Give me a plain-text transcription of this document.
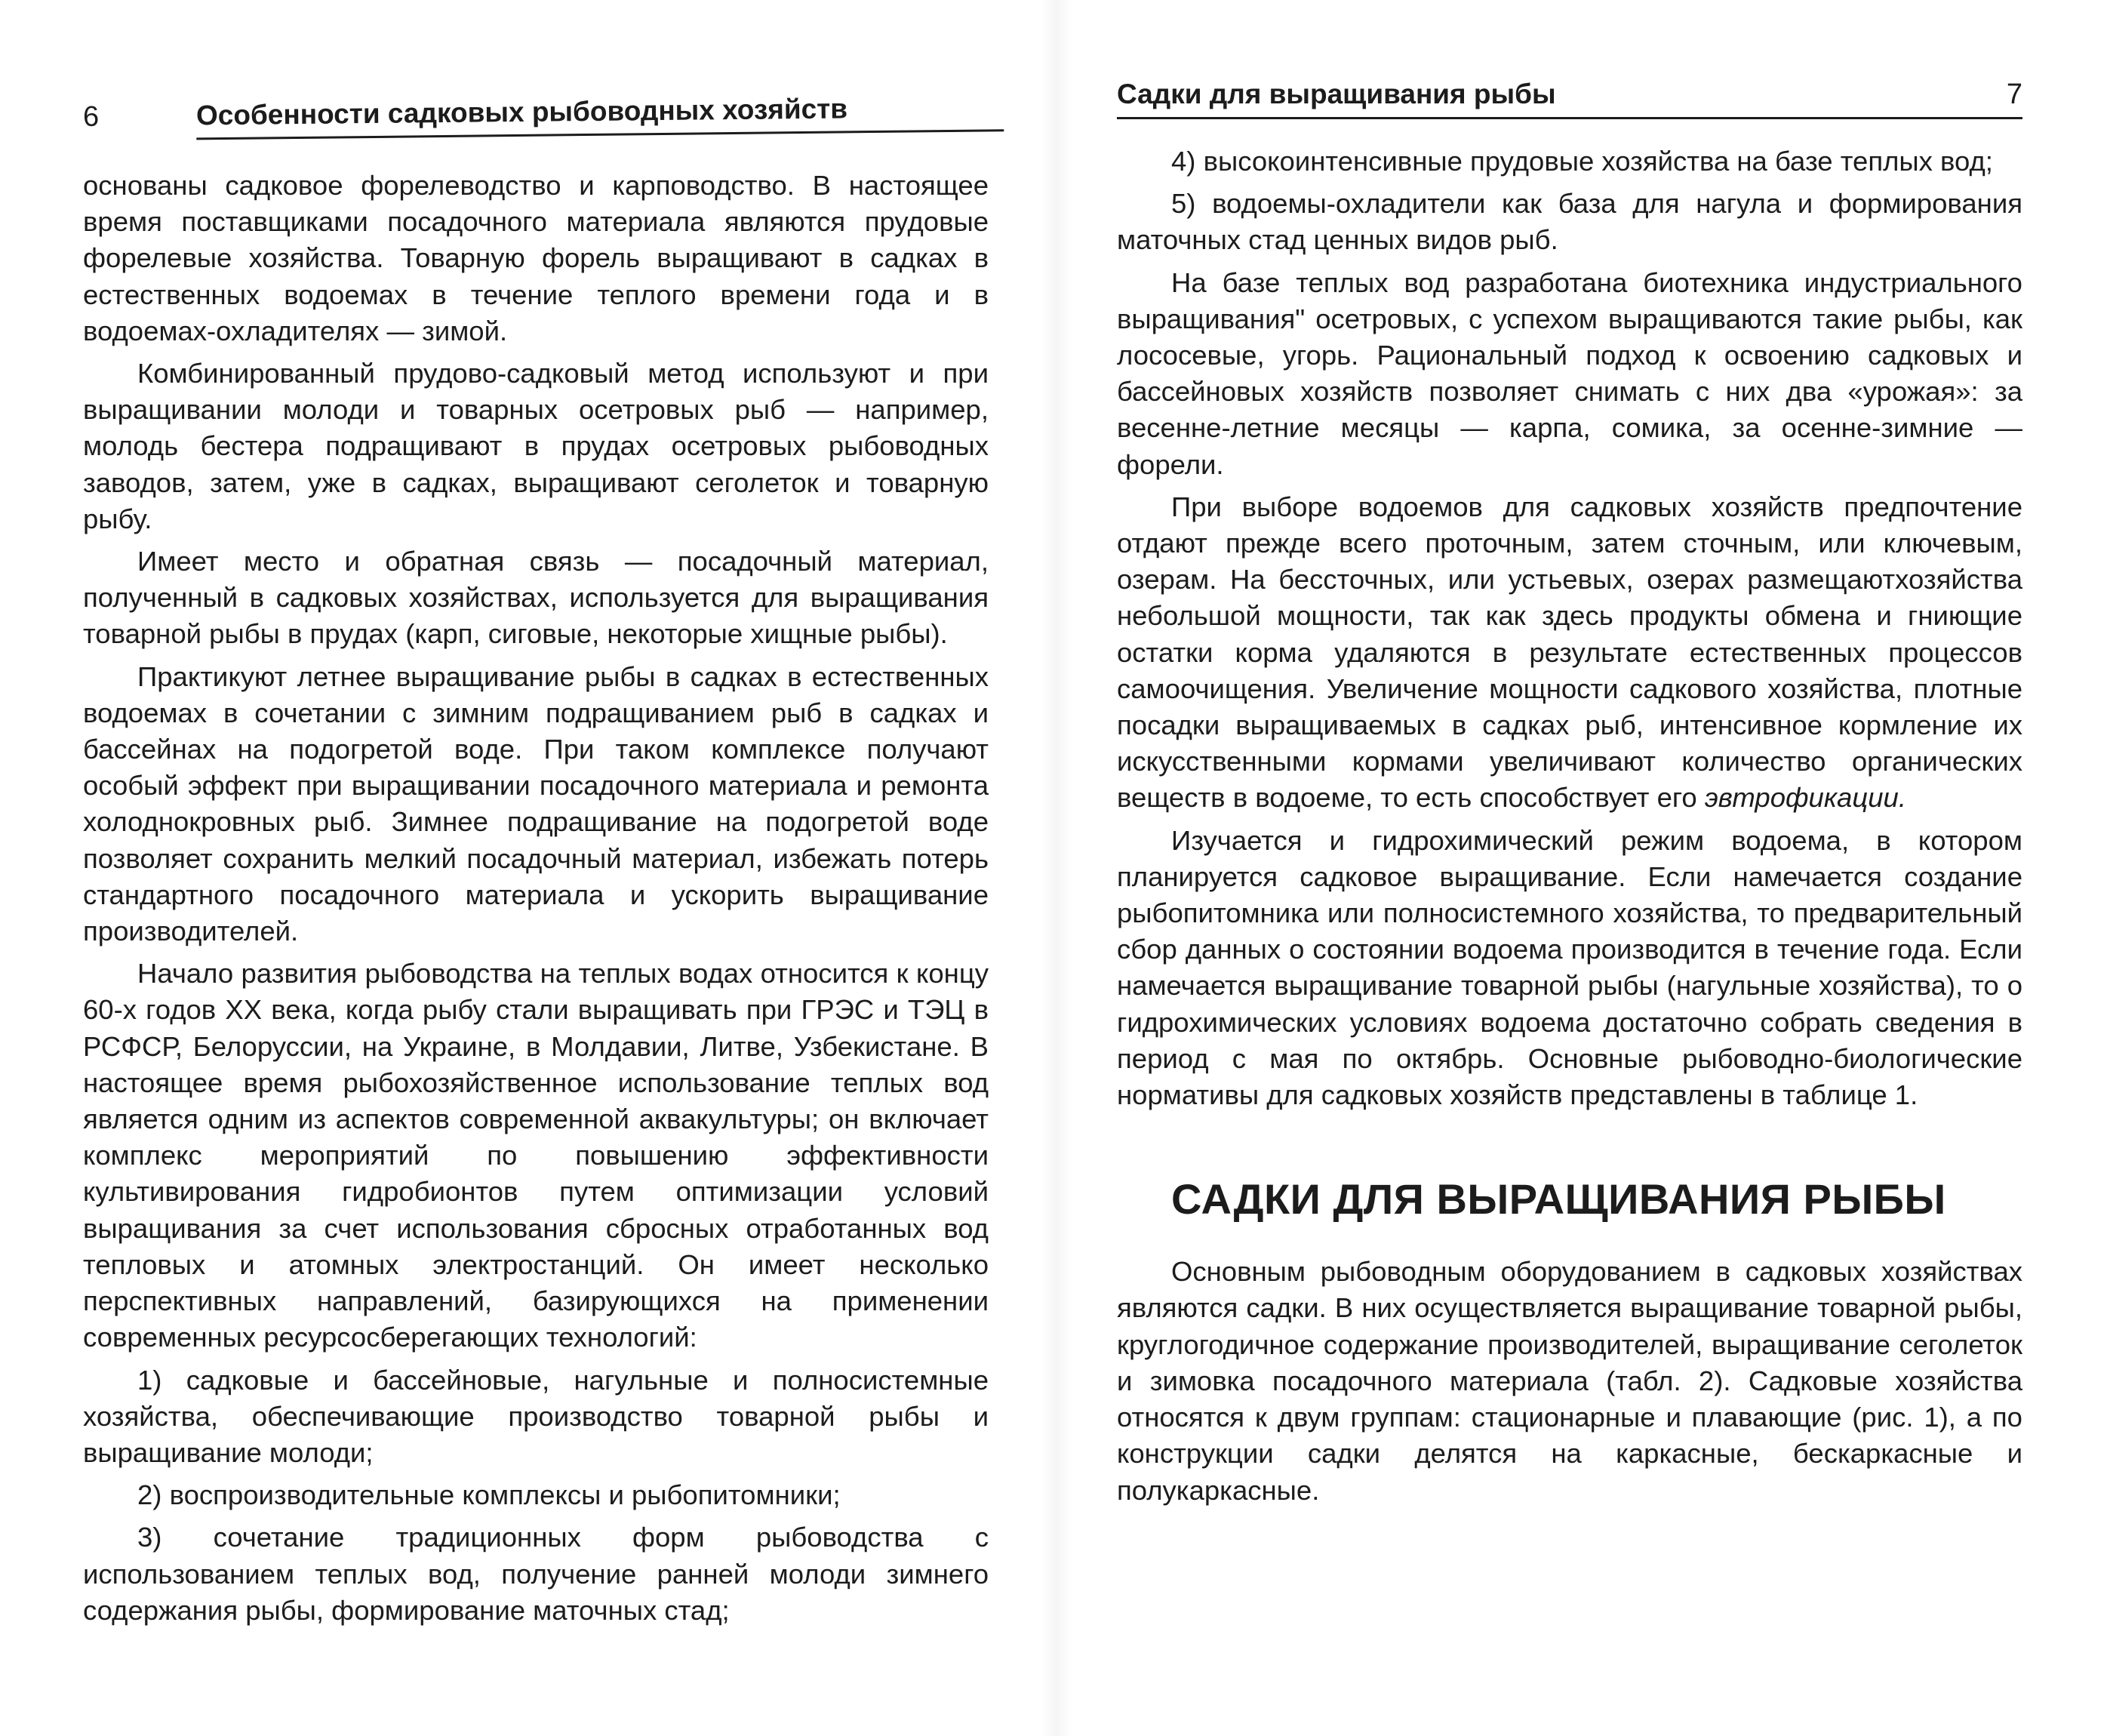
6	Особенности садковых рыбоводных хозяйств

основаны садковое форелеводство и карповодство. В настоящее время поставщиками посадочного материала являются прудовые форелевые хозяйства. Товарную форель выращивают в садках в естественных водоемах в течение теплого времени года и в водоемах-охладителях — зимой.

Комбинированный прудово-садковый метод используют и при выращивании молоди и товарных осетровых рыб — например, молодь бестера подращивают в прудах осетровых рыбоводных заводов, затем, уже в садках, выращивают сеголеток и товарную рыбу.

Имеет место и обратная связь — посадочный материал, полученный в садковых хозяйствах, используется для выращивания товарной рыбы в прудах (карп, сиговые, некоторые хищные рыбы).

Практикуют летнее выращивание рыбы в садках в естественных водоемах в сочетании с зимним подращиванием рыб в садках и бассейнах на подогретой воде. При таком комплексе получают особый эффект при выращивании посадочного материала и ремонта холоднокровных рыб. Зимнее подращивание на подогретой воде позволяет сохранить мелкий посадочный материал, избежать потерь стандартного посадочного материала и ускорить выращивание производителей.

Начало развития рыбоводства на теплых водах относится к концу 60-х годов XX века, когда рыбу стали выращивать при ГРЭС и ТЭЦ в РСФСР, Белоруссии, на Украине, в Молдавии, Литве, Узбекистане. В настоящее время рыбохозяйственное использование теплых вод является одним из аспектов современной аквакультуры; он включает комплекс мероприятий по повышению эффективности культивирования гидробионтов путем оптимизации условий выращивания за счет использования сбросных отработанных вод тепловых и атомных электростанций. Он имеет несколько перспективных направлений, базирующихся на применении современных ресурсосберегающих технологий:

1) садковые и бассейновые, нагульные и полносистемные хозяйства, обеспечивающие производство товарной рыбы и выращивание молоди;

2) воспроизводительные комплексы и рыбопитомники;

3) сочетание традиционных форм рыбоводства с использованием теплых вод, получение ранней молоди зимнего содержания рыбы, формирование маточных стад;

Садки для выращивания рыбы	7

4) высокоинтенсивные прудовые хозяйства на базе теплых вод;

5) водоемы-охладители как база для нагула и формирования маточных стад ценных видов рыб.

На базе теплых вод разработана биотехника индустриального выращивания" осетровых, с успехом выращиваются такие рыбы, как лососевые, угорь. Рациональный подход к освоению садковых и бассейновых хозяйств позволяет снимать с них два «урожая»: за весенне-летние месяцы — карпа, сомика, за осенне-зимние — форели.

При выборе водоемов для садковых хозяйств предпочтение отдают прежде всего проточным, затем сточным, или ключевым, озерам. На бессточных, или устьевых, озерах размещаютхозяйства небольшой мощности, так как здесь продукты обмена и гниющие остатки корма удаляются в результате естественных процессов самоочищения. Увеличение мощности садкового хозяйства, плотные посадки выращиваемых в садках рыб, интенсивное кормление их искусственными кормами увеличивают количество органических веществ в водоеме, то есть способствует его эвтрофикации.

Изучается и гидрохимический режим водоема, в котором планируется садковое выращивание. Если намечается создание рыбопитомника или полносистемного хозяйства, то предварительный сбор данных о состоянии водоема производится в течение года. Если намечается выращивание товарной рыбы (нагульные хозяйства), то о гидрохимических условиях водоема достаточно собрать сведения в период с мая по октябрь. Основные рыбоводно-биологические нормативы для садковых хозяйств представлены в таблице 1.

САДКИ ДЛЯ ВЫРАЩИВАНИЯ РЫБЫ

Основным рыбоводным оборудованием в садковых хозяйствах являются садки. В них осуществляется выращивание товарной рыбы, круглогодичное содержание производителей, выращивание сеголеток и зимовка посадочного материала (табл. 2). Садковые хозяйства относятся к двум группам: стационарные и плавающие (рис. 1), а по конструкции садки делятся на каркасные, бескаркасные и полукаркасные.
